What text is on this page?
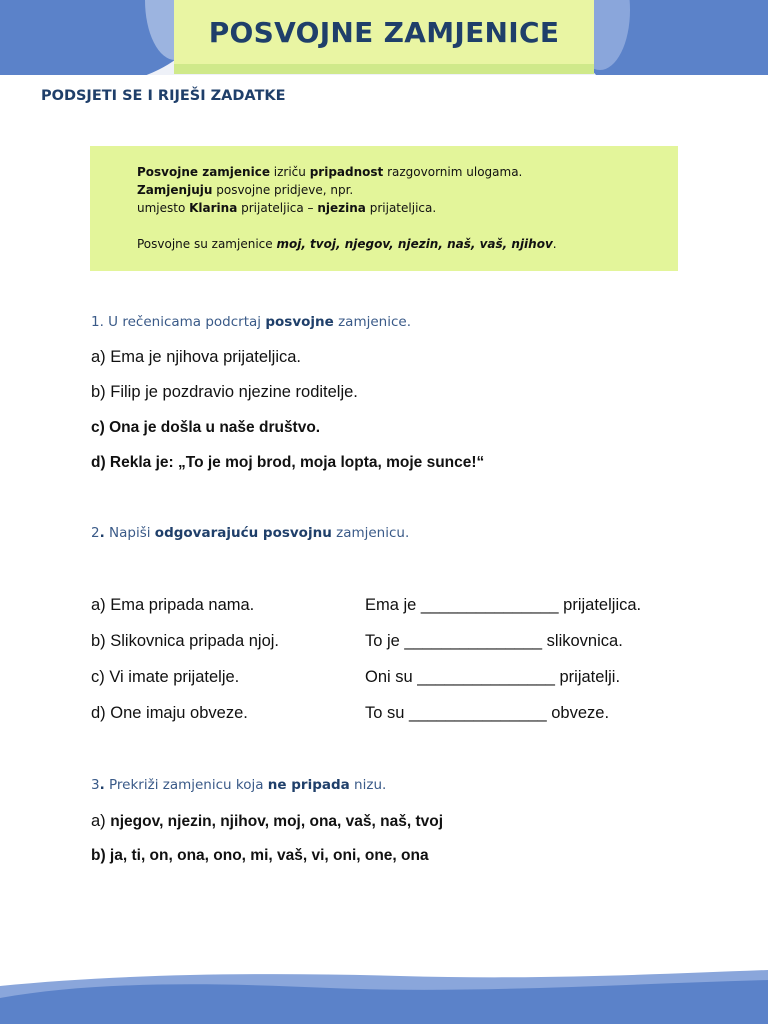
POSVOJNE ZAMJENICE
PODSJETI SE I RIJEŠI ZADATKE
Posvojne zamjenice izriču pripadnost razgovornim ulogama.
Zamjenjuju posvojne pridjeve, npr.
umjesto Klarina prijateljica – njezina prijateljica.
Posvojne su zamjenice moj, tvoj, njegov, njezin, naš, vaš, njihov.
1. U rečenicama podcrtaj posvojne zamjenice.
a) Ema je njihova prijateljica.
b) Filip je pozdravio njezine roditelje.
c) Ona je došla u naše društvo.
d) Rekla je: „To je moj brod, moja lopta, moje sunce!“
2. Napiši odgovarajuću posvojnu zamjenicu.
a) Ema pripada nama.
b) Slikovnica pripada njoj.
c) Vi imate prijatelje.
d) One imaju obveze.
Ema je _______________ prijateljica.
To je _______________ slikovnica.
Oni su _______________ prijatelji.
To su _______________ obveze.
3. Prekriži zamjenicu koja ne pripada nizu.
a) njegov, njezin, njihov, moj, ona, vaš, naš, tvoj
b) ja, ti, on, ona, ono, mi, vaš, vi, oni, one, ona
